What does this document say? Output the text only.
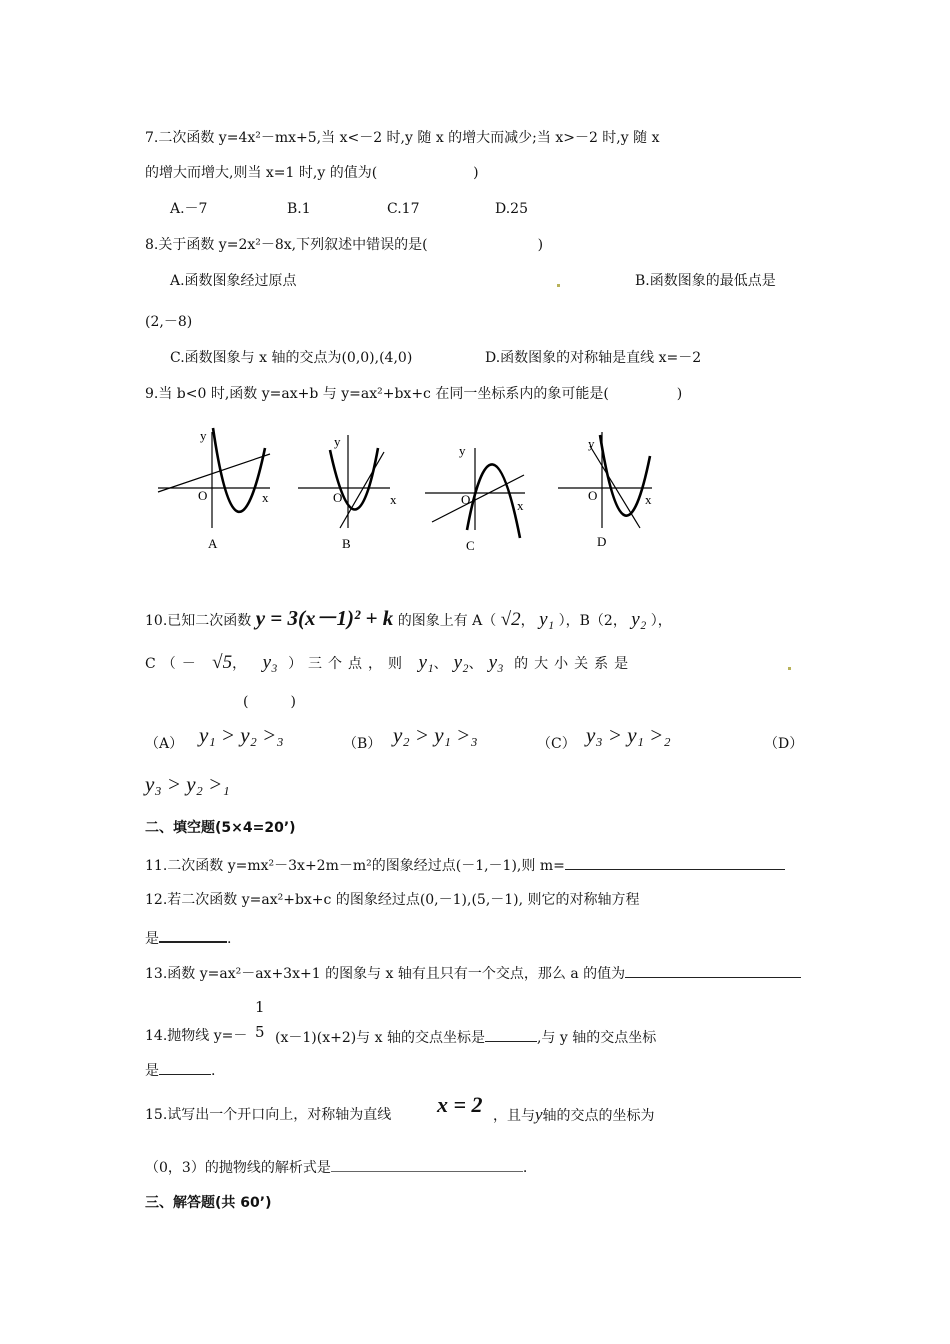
7.二次函数 y=4x²－mx+5,当 x<－2 时,y 随 x 的增大而减少;当 x>－2 时,y 随 x
的增大而增大,则当 x=1 时,y 的值为(	)
A.－7	B.1	C.17	D.25
8.关于函数 y=2x²－8x,下列叙述中错误的是(	)
A.函数图象经过原点	B.函数图象的最低点是
(2,－8)
C.函数图象与 x 轴的交点为(0,0),(4,0)	D.函数图象的对称轴是直线 x=－2
9.当 b<0 时,函数 y=ax+b 与 y=ax²+bx+c 在同一坐标系内的象可能是(	)
y
O	x
A
y
O	x
B
y
O	x
C
y
O	x
D
10.已知二次函数 y = 3(x－1)² + k 的图象上有 A（ √2， y₁ ），B（2， y₂ ），
C（－ √5， y₃ ）三个点，则 y₁、y₂、y₃ 的大小关系是
(　　　)
（A） y₁ > y₂ >₃	（B） y₂ > y₁ >₃	（C） y₃ > y₁ >₂	（D）
y₃ > y₂ >₁
二、填空题(5×4=20’)
11.二次函数 y=mx²－3x+2m－m²的图象经过点(－1,－1),则 m=
12.若二次函数 y=ax²+bx+c 的图象经过点(0,－1),(5,－1), 则它的对称轴方程
是	.
13.函数 y=ax²－ax+3x+1 的图象与 x 轴有且只有一个交点，那么 a 的值为
14.抛物线 y=－
1
5 (x－1)(x+2)与 x 轴的交点坐标是	,与 y 轴的交点坐标
是	.
15.试写出一个开口向上，对称轴为直线 x = 2 ，且与y轴的交点的坐标为
（0，3）的抛物线的解析式是	.
三、解答题(共 60’)
